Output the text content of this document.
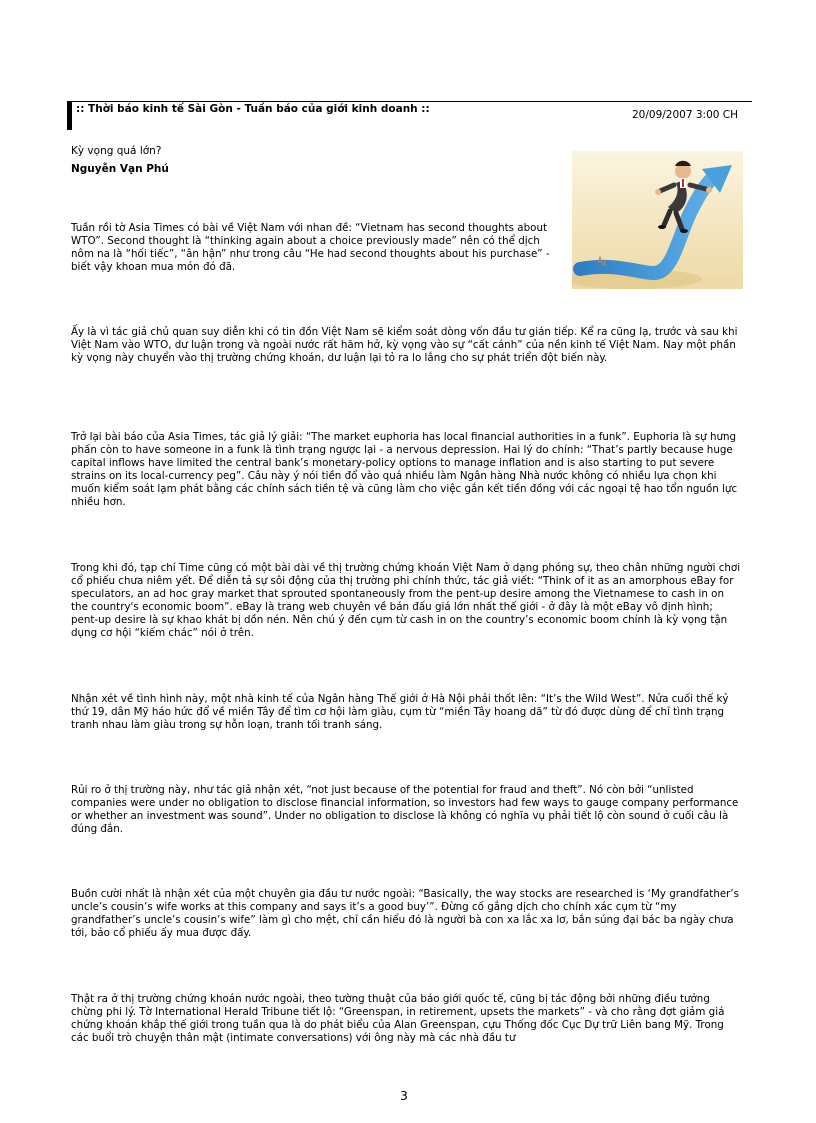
:: Thời báo kinh tế Sài Gòn - Tuần báo của giới kinh doanh ::	20/09/2007 3:00 CH
Kỳ vọng quá lớn?
Nguyễn Vạn Phú

Tuần rồi tờ Asia Times có bài về Việt Nam với nhan đề: “Vietnam has second thoughts about WTO”. Second thought là “thinking again about a choice previously made” nên có thể dịch nôm na là “hối tiếc”, “ân hận” như trong câu “He had second thoughts about his purchase” - biết vậy khoan mua món đó đã.

Ấy là vì tác giả chủ quan suy diễn khi có tin đồn Việt Nam sẽ kiểm soát dòng vốn đầu tư gián tiếp. Kể ra cũng lạ, trước và sau khi Việt Nam vào WTO, dư luận trong và ngoài nước rất hăm hở, kỳ vọng vào sự “cất cánh” của nền kinh tế Việt Nam. Nay một phần kỳ vọng này chuyển vào thị trường chứng khoán, dư luận lại tỏ ra lo lắng cho sự phát triển đột biến này.

Trở lại bài báo của Asia Times, tác giả lý giải: “The market euphoria has local financial authorities in a funk”. Euphoria là sự hưng phấn còn to have someone in a funk là tình trạng ngược lại - a nervous depression. Hai lý do chính: “That’s partly because huge capital inflows have limited the central bank’s monetary-policy options to manage inflation and is also starting to put severe strains on its local-currency peg”. Câu này ý nói tiền đổ vào quá nhiều làm Ngân hàng Nhà nước không có nhiều lựa chọn khi muốn kiểm soát lạm phát bằng các chính sách tiền tệ và cũng làm cho việc gắn kết tiền đồng với các ngoại tệ hao tổn nguồn lực nhiều hơn.

Trong khi đó, tạp chí Time cũng có một bài dài về thị trường chứng khoán Việt Nam ở dạng phóng sự, theo chân những người chơi cổ phiếu chưa niêm yết. Để diễn tả sự sôi động của thị trường phi chính thức, tác giả viết: “Think of it as an amorphous eBay for speculators, an ad hoc gray market that sprouted spontaneously from the pent-up desire among the Vietnamese to cash in on the country's economic boom”. eBay là trang web chuyên về bán đấu giá lớn nhất thế giới - ở đây là một eBay vô định hình; pent-up desire là sự khao khát bị dồn nén. Nên chú ý đến cụm từ cash in on the country’s economic boom chính là kỳ vọng tận dụng cơ hội “kiếm chác” nói ở trên.

Nhận xét về tình hình này, một nhà kinh tế của Ngân hàng Thế giới ở Hà Nội phải thốt lên: “It’s the Wild West”. Nửa cuối thế kỷ thứ 19, dân Mỹ háo hức đổ về miền Tây để tìm cơ hội làm giàu, cụm từ “miền Tây hoang dã” từ đó được dùng để chỉ tình trạng tranh nhau làm giàu trong sự hỗn loạn, tranh tối tranh sáng.

Rủi ro ở thị trường này, như tác giả nhận xét, “not just because of the potential for fraud and theft”. Nó còn bởi “unlisted companies were under no obligation to disclose financial information, so investors had few ways to gauge company performance or whether an investment was sound”. Under no obligation to disclose là không có nghĩa vụ phải tiết lộ còn sound ở cuối câu là đúng đắn.

Buồn cười nhất là nhận xét của một chuyên gia đầu tư nước ngoài: “Basically, the way stocks are researched is ‘My grandfather’s uncle’s cousin’s wife works at this company and says it’s a good buy’”. Đừng cố gắng dịch cho chính xác cụm từ “my grandfather’s uncle’s cousin’s wife” làm gì cho mệt, chỉ cần hiểu đó là người bà con xa lắc xa lơ, bắn súng đại bác ba ngày chưa tới, bảo cổ phiếu ấy mua được đấy.

Thật ra ở thị trường chứng khoán nước ngoài, theo tường thuật của báo giới quốc tế, cũng bị tác động bởi những điều tưởng chừng phi lý. Tờ International Herald Tribune tiết lộ: “Greenspan, in retirement, upsets the markets” - và cho rằng đợt giảm giá chứng khoán khắp thế giới trong tuần qua là do phát biểu của Alan Greenspan, cựu Thống đốc Cục Dự trữ Liên bang Mỹ. Trong các buổi trò chuyện thân mật (intimate conversations) với ông này mà các nhà đầu tư

3
